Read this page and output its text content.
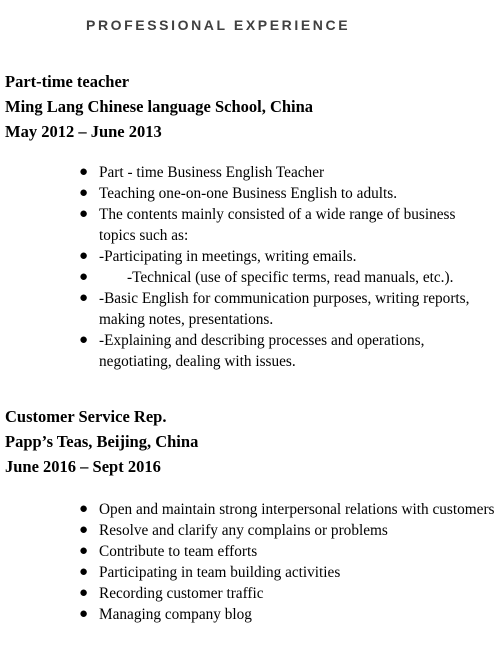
PROFESSIONAL EXPERIENCE

Part-time teacher

Ming Lang Chinese language School, China

May 2012 – June 2013

● Part - time Business English Teacher
● Teaching one-on-one Business English to adults.
● The contents mainly consisted of a wide range of business topics such as:
● -Participating in meetings, writing emails.
●	-Technical (use of specific terms, read manuals, etc.).
● -Basic English for communication purposes, writing reports, making notes, presentations.
● -Explaining and describing processes and operations, negotiating, dealing with issues.

Customer Service Rep.

Papp’s Teas, Beijing, China

June 2016 – Sept 2016

● Open and maintain strong interpersonal relations with customers
● Resolve and clarify any complains or problems
● Contribute to team efforts
● Participating in team building activities
● Recording customer traffic
● Managing company blog
